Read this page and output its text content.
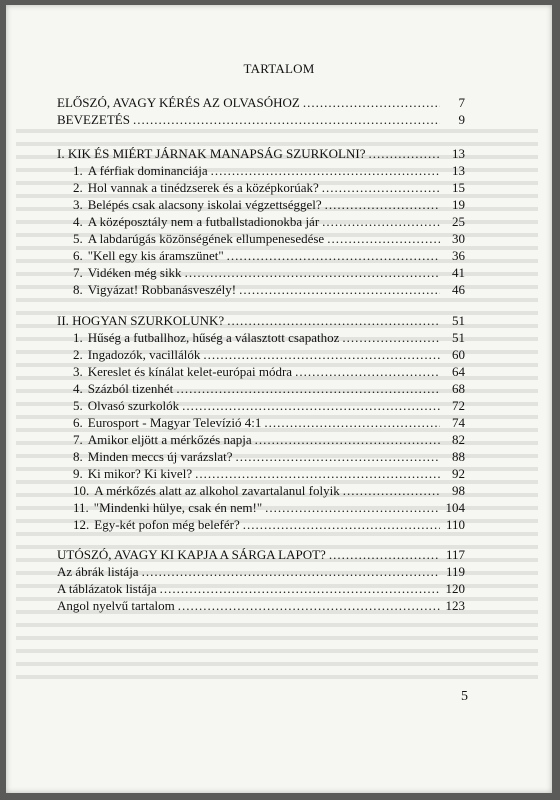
TARTALOM
ELŐSZÓ, AVAGY KÉRÉS AZ OLVASÓHOZ .....	7
BEVEZETÉS .....	9
I. KIK ÉS MIÉRT JÁRNAK MANAPSÁG SZURKOLNI? .....	13
1. A férfiak dominanciája .....	13
2. Hol vannak a tinédzserek és a középkorúak? .....	15
3. Belépés csak alacsony iskolai végzettséggel? .....	19
4. A középosztály nem a futballstadionokba jár .....	25
5. A labdarúgás közönségének ellumpenesedése .....	30
6. "Kell egy kis áramszünet" .....	36
7. Vidéken még sikk .....	41
8. Vigyázat! Robbanásveszély! .....	46
II. HOGYAN SZURKOLUNK? .....	51
1. Hűség a futballhoz, hűség a választott csapathoz .....	51
2. Ingadozók, vacillálók .....	60
3. Kereslet és kínálat kelet-európai módra .....	64
4. Százból tizenhét .....	68
5. Olvasó szurkolók .....	72
6. Eurosport - Magyar Televízió 4:1 .....	74
7. Amikor eljött a mérkőzés napja .....	82
8. Minden meccs új varázslat? .....	88
9. Ki mikor? Ki kivel? .....	92
10. A mérkőzés alatt az alkohol zavartalanul folyik .....	98
11. "Mindenki hülye, csak én nem!" .....	104
12. Egy-két pofon még belefér? .....	110
UTÓSZÓ, AVAGY KI KAPJA A SÁRGA LAPOT? .....	117
Az ábrák listája .....	119
A táblázatok listája .....	120
Angol nyelvű tartalom .....	123
5
